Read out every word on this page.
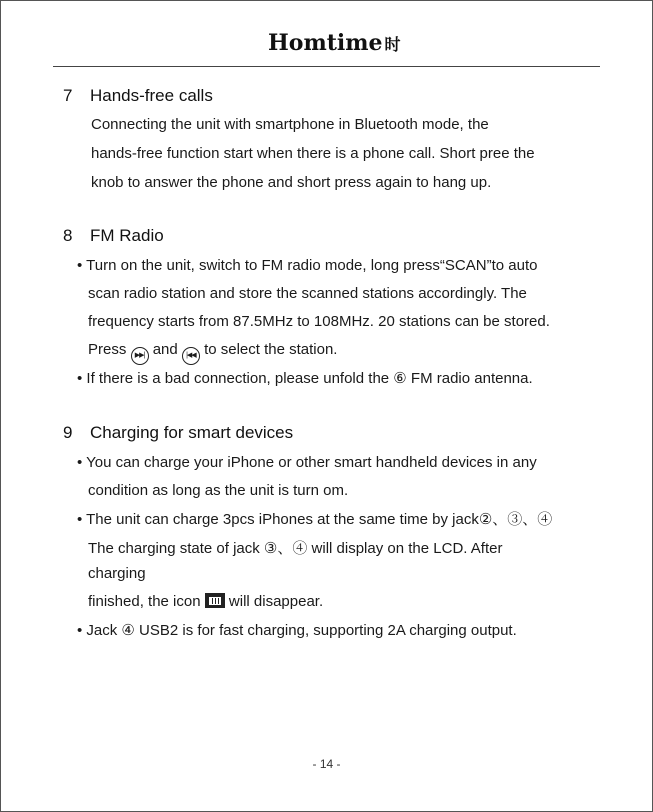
Homtime 时
7 Hands-free calls
Connecting the unit with smartphone in Bluetooth mode, the
hands-free function start when there is a phone call. Short pree the
knob to answer the phone and short press again to hang up.
8 FM Radio
• Turn on the unit, switch to FM radio mode, long press“SCAN”to auto
scan radio station and store the scanned stations accordingly. The
frequency starts from 87.5MHz to 108MHz. 20 stations can be stored.
Press ▶▶| and |◀◀ to select the station.
• If there is a bad connection, please unfold the ⑥ FM radio antenna.
9 Charging for smart devices
• You can charge your iPhone or other smart handheld devices in any
condition as long as the unit is turn om.
• The unit can charge 3pcs iPhones at the same time by jack②、③、④
The charging state of jack ③、④ will display on the LCD. After
charging
finished, the icon will disappear.
• Jack ④ USB2 is for fast charging, supporting 2A charging output.
- 14 -
